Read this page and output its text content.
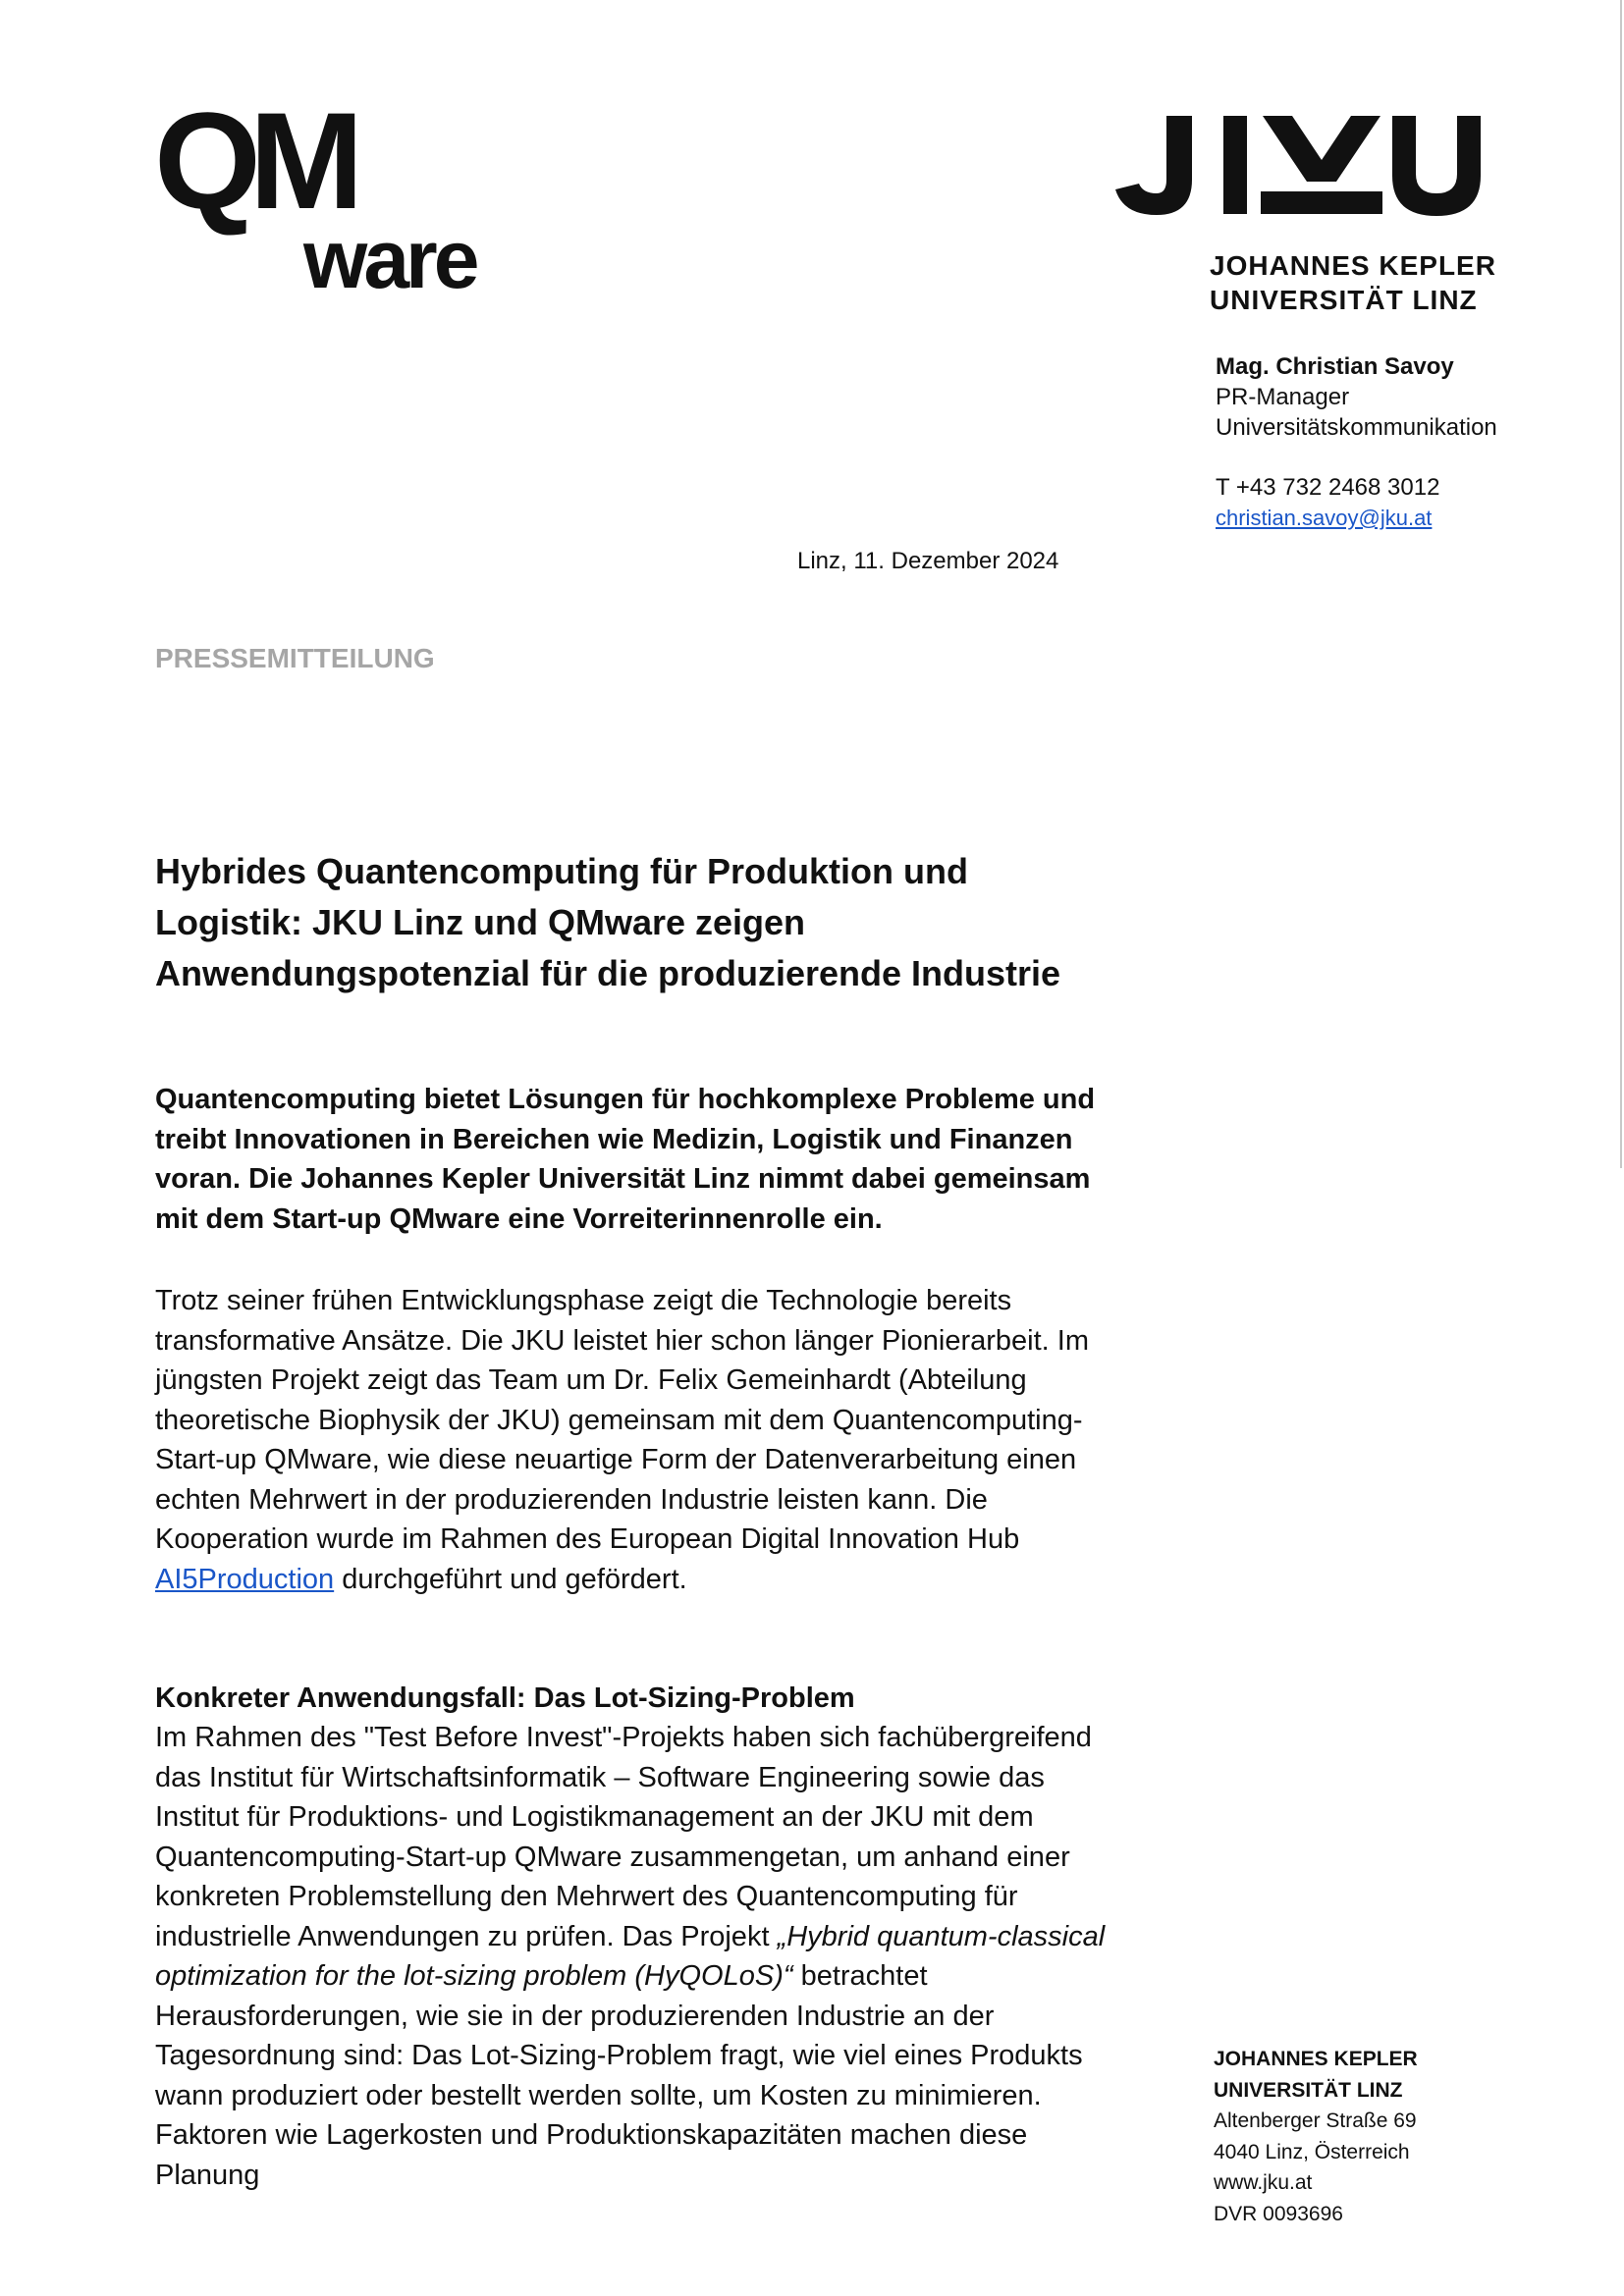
QM
ware	JOHANNES KEPLER
UNIVERSITÄT LINZ
Mag. Christian Savoy
PR-Manager
Universitätskommunikation
T +43 732 2468 3012
christian.savoy@jku.at
Linz, 11. Dezember 2024
PRESSEMITTEILUNG
Hybrides Quantencomputing für Produktion und Logistik: JKU Linz und QMware zeigen Anwendungspotenzial für die produzierende Industrie

Quantencomputing bietet Lösungen für hochkomplexe Probleme und treibt Innovationen in Bereichen wie Medizin, Logistik und Finanzen voran. Die Johannes Kepler Universität Linz nimmt dabei gemeinsam mit dem Start-up QMware eine Vorreiterinnenrolle ein.

Trotz seiner frühen Entwicklungsphase zeigt die Technologie bereits transformative Ansätze. Die JKU leistet hier schon länger Pionierarbeit. Im jüngsten Projekt zeigt das Team um Dr. Felix Gemeinhardt (Abteilung theoretische Biophysik der JKU) gemeinsam mit dem Quantencomputing-Start-up QMware, wie diese neuartige Form der Datenverarbeitung einen echten Mehrwert in der produzierenden Industrie leisten kann. Die Kooperation wurde im Rahmen des European Digital Innovation Hub AI5Production durchgeführt und gefördert.

Konkreter Anwendungsfall: Das Lot-Sizing-Problem

Im Rahmen des "Test Before Invest"-Projekts haben sich fachübergreifend das Institut für Wirtschaftsinformatik – Software Engineering sowie das Institut für Produktions- und Logistikmanagement an der JKU mit dem Quantencomputing-Start-up QMware zusammengetan, um anhand einer konkreten Problemstellung den Mehrwert des Quantencomputing für industrielle Anwendungen zu prüfen. Das Projekt „Hybrid quantum-classical optimization for the lot-sizing problem (HyQOLoS)“ betrachtet Herausforderungen, wie sie in der produzierenden Industrie an der Tagesordnung sind: Das Lot-Sizing-Problem fragt, wie viel eines Produkts wann produziert oder bestellt werden sollte, um Kosten zu minimieren. Faktoren wie Lagerkosten und Produktionskapazitäten machen diese Planung

JOHANNES KEPLER
UNIVERSITÄT LINZ
Altenberger Straße 69
4040 Linz, Österreich
www.jku.at
DVR 0093696
